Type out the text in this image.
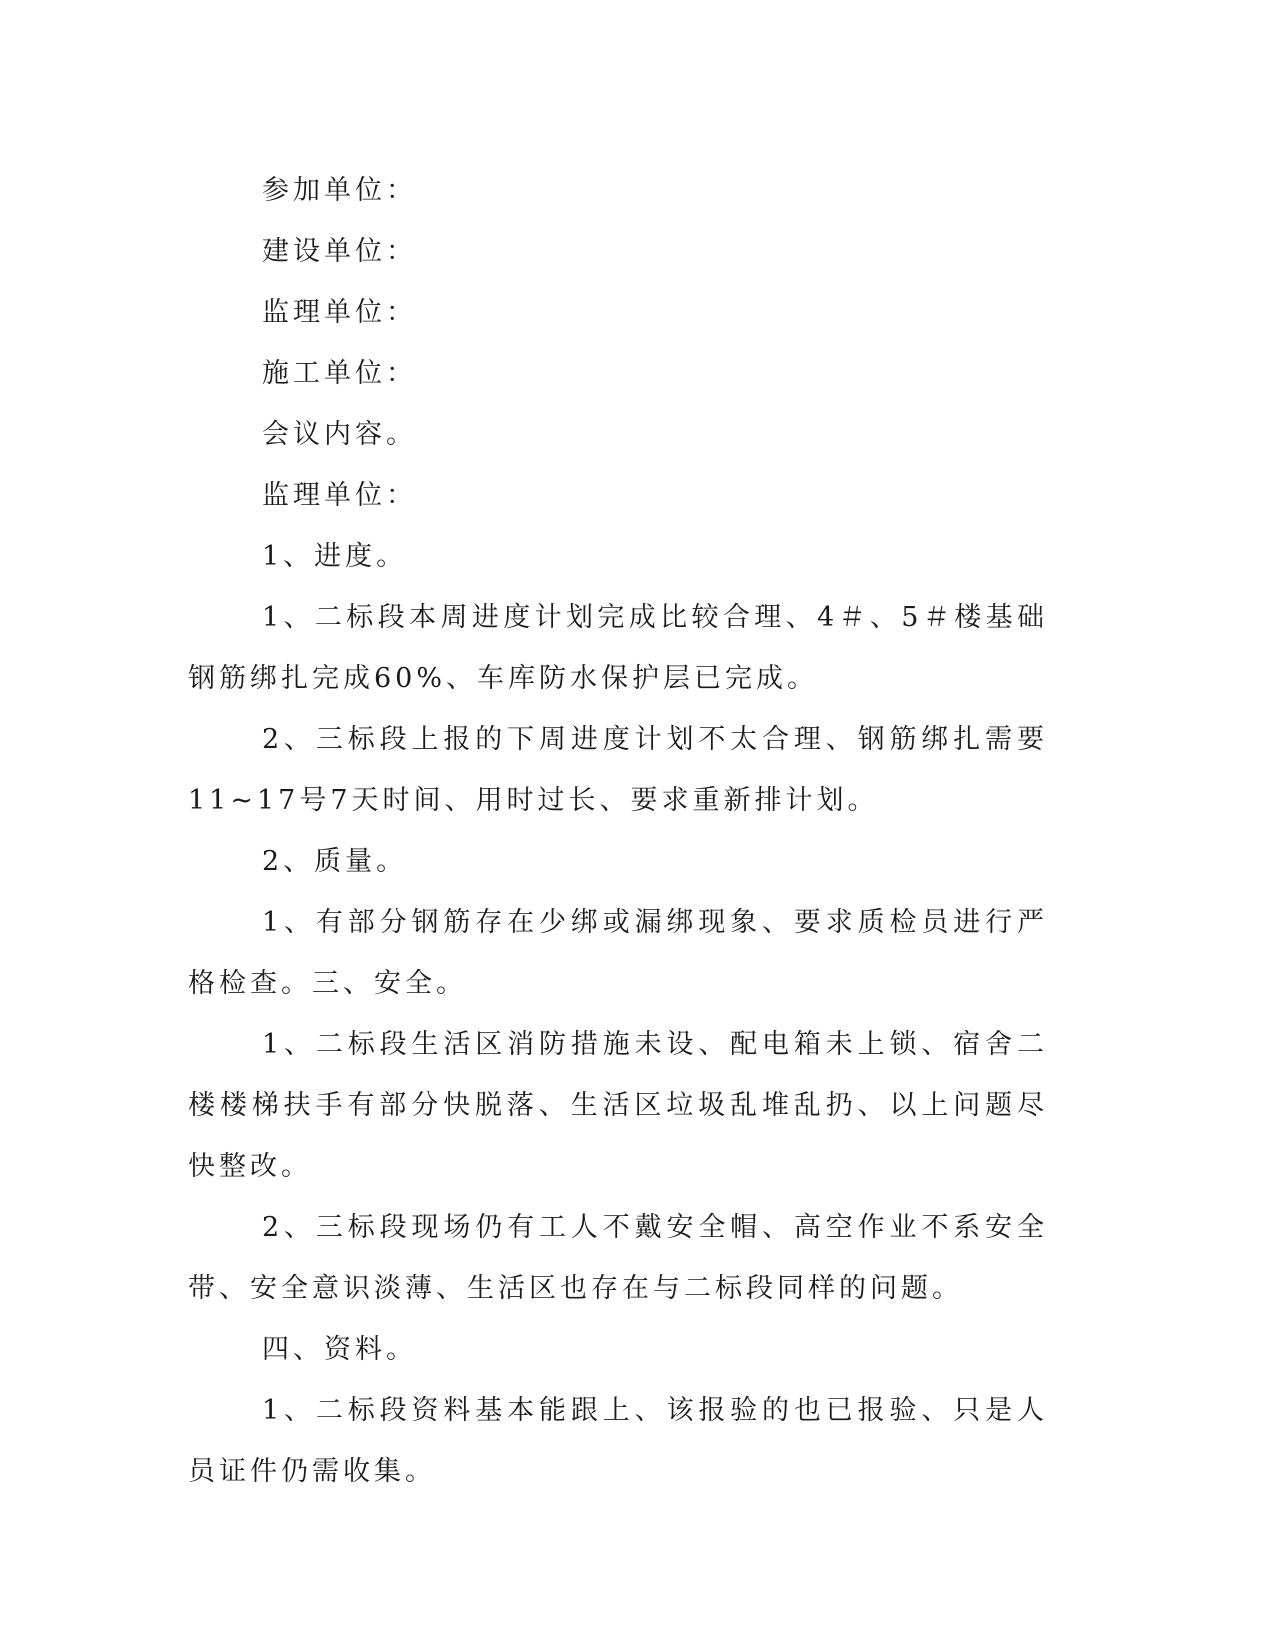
参加单位：

建设单位：

监理单位：

施工单位：

会议内容。

监理单位：

1、进度。

1、二标段本周进度计划完成比较合理、4＃、5＃楼基础钢筋绑扎完成60%、车库防水保护层已完成。

2、三标段上报的下周进度计划不太合理、钢筋绑扎需要11~17号7天时间、用时过长、要求重新排计划。

2、质量。

1、有部分钢筋存在少绑或漏绑现象、要求质检员进行严格检查。三、安全。

1、二标段生活区消防措施未设、配电箱未上锁、宿舍二楼楼梯扶手有部分快脱落、生活区垃圾乱堆乱扔、以上问题尽快整改。

2、三标段现场仍有工人不戴安全帽、高空作业不系安全带、安全意识淡薄、生活区也存在与二标段同样的问题。

四、资料。

1、二标段资料基本能跟上、该报验的也已报验、只是人员证件仍需收集。
